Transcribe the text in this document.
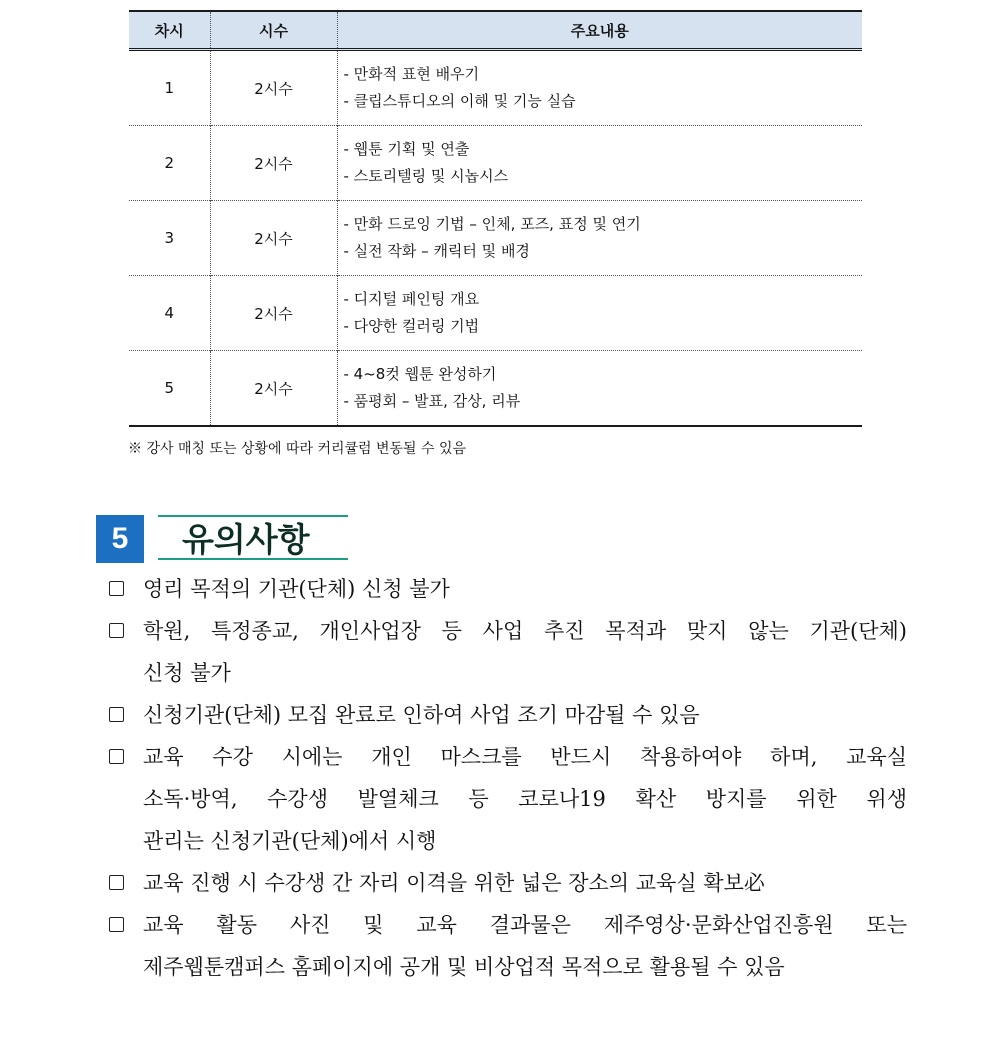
차시	시수	주요내용
1	2시수	- 만화적 표현 배우기
- 클립스튜디오의 이해 및 기능 실습

2	2시수	- 웹툰 기획 및 연출
- 스토리텔링 및 시놉시스

3	2시수	- 만화 드로잉 기법 – 인체, 포즈, 표정 및 연기
- 실전 작화 – 캐릭터 및 배경

4	2시수	- 디지털 페인팅 개요
- 다양한 컬러링 기법

5	2시수	- 4~8컷 웹툰 완성하기
- 품평회 – 발표, 감상, 리뷰
※ 강사 매칭 또는 상황에 따라 커리큘럼 변동될 수 있음
5	유의사항
영리 목적의 기관(단체) 신청 불가
학원, 특정종교, 개인사업장 등 사업 추진 목적과 맞지 않는 기관(단체)
신청 불가
신청기관(단체) 모집 완료로 인하여 사업 조기 마감될 수 있음
교육 수강 시에는 개인 마스크를 반드시 착용하여야 하며, 교육실
소독·방역, 수강생 발열체크 등 코로나19 확산 방지를 위한 위생
관리는 신청기관(단체)에서 시행
교육 진행 시 수강생 간 자리 이격을 위한 넓은 장소의 교육실 확보必
교육 활동 사진 및 교육 결과물은 제주영상·문화산업진흥원 또는
제주웹툰캠퍼스 홈페이지에 공개 및 비상업적 목적으로 활용될 수 있음
